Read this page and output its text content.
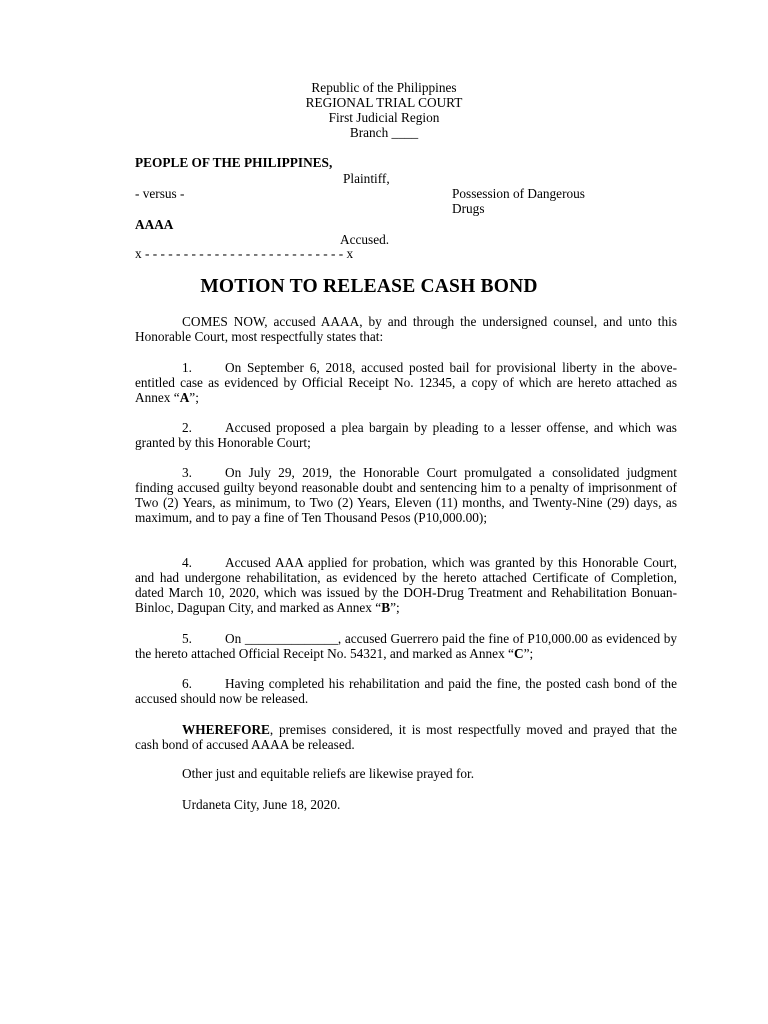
Republic of the Philippines
REGIONAL TRIAL COURT
First Judicial Region
Branch ____
PEOPLE OF THE PHILIPPINES,
Plaintiff,
- versus -	Possession of Dangerous
Drugs
AAAA
Accused.
x - - - - - - - - - - - - - - - - - - - - - - - - - - x
MOTION TO RELEASE CASH BOND
COMES NOW, accused AAAA, by and through the undersigned counsel, and unto this Honorable Court, most respectfully states that:
1. On September 6, 2018, accused posted bail for provisional liberty in the above-entitled case as evidenced by Official Receipt No. 12345, a copy of which are hereto attached as Annex “A”;
2. Accused proposed a plea bargain by pleading to a lesser offense, and which was granted by this Honorable Court;
3. On July 29, 2019, the Honorable Court promulgated a consolidated judgment finding accused guilty beyond reasonable doubt and sentencing him to a penalty of imprisonment of Two (2) Years, as minimum, to Two (2) Years, Eleven (11) months, and Twenty-Nine (29) days, as maximum, and to pay a fine of Ten Thousand Pesos (P10,000.00);
4. Accused AAA applied for probation, which was granted by this Honorable Court, and had undergone rehabilitation, as evidenced by the hereto attached Certificate of Completion, dated March 10, 2020, which was issued by the DOH-Drug Treatment and Rehabilitation Bonuan-Binloc, Dagupan City, and marked as Annex “B”;
5. On ______________, accused Guerrero paid the fine of P10,000.00 as evidenced by the hereto attached Official Receipt No. 54321, and marked as Annex “C”;
6. Having completed his rehabilitation and paid the fine, the posted cash bond of the accused should now be released.
WHEREFORE, premises considered, it is most respectfully moved and prayed that the cash bond of accused AAAA be released.
Other just and equitable reliefs are likewise prayed for.
Urdaneta City, June 18, 2020.
